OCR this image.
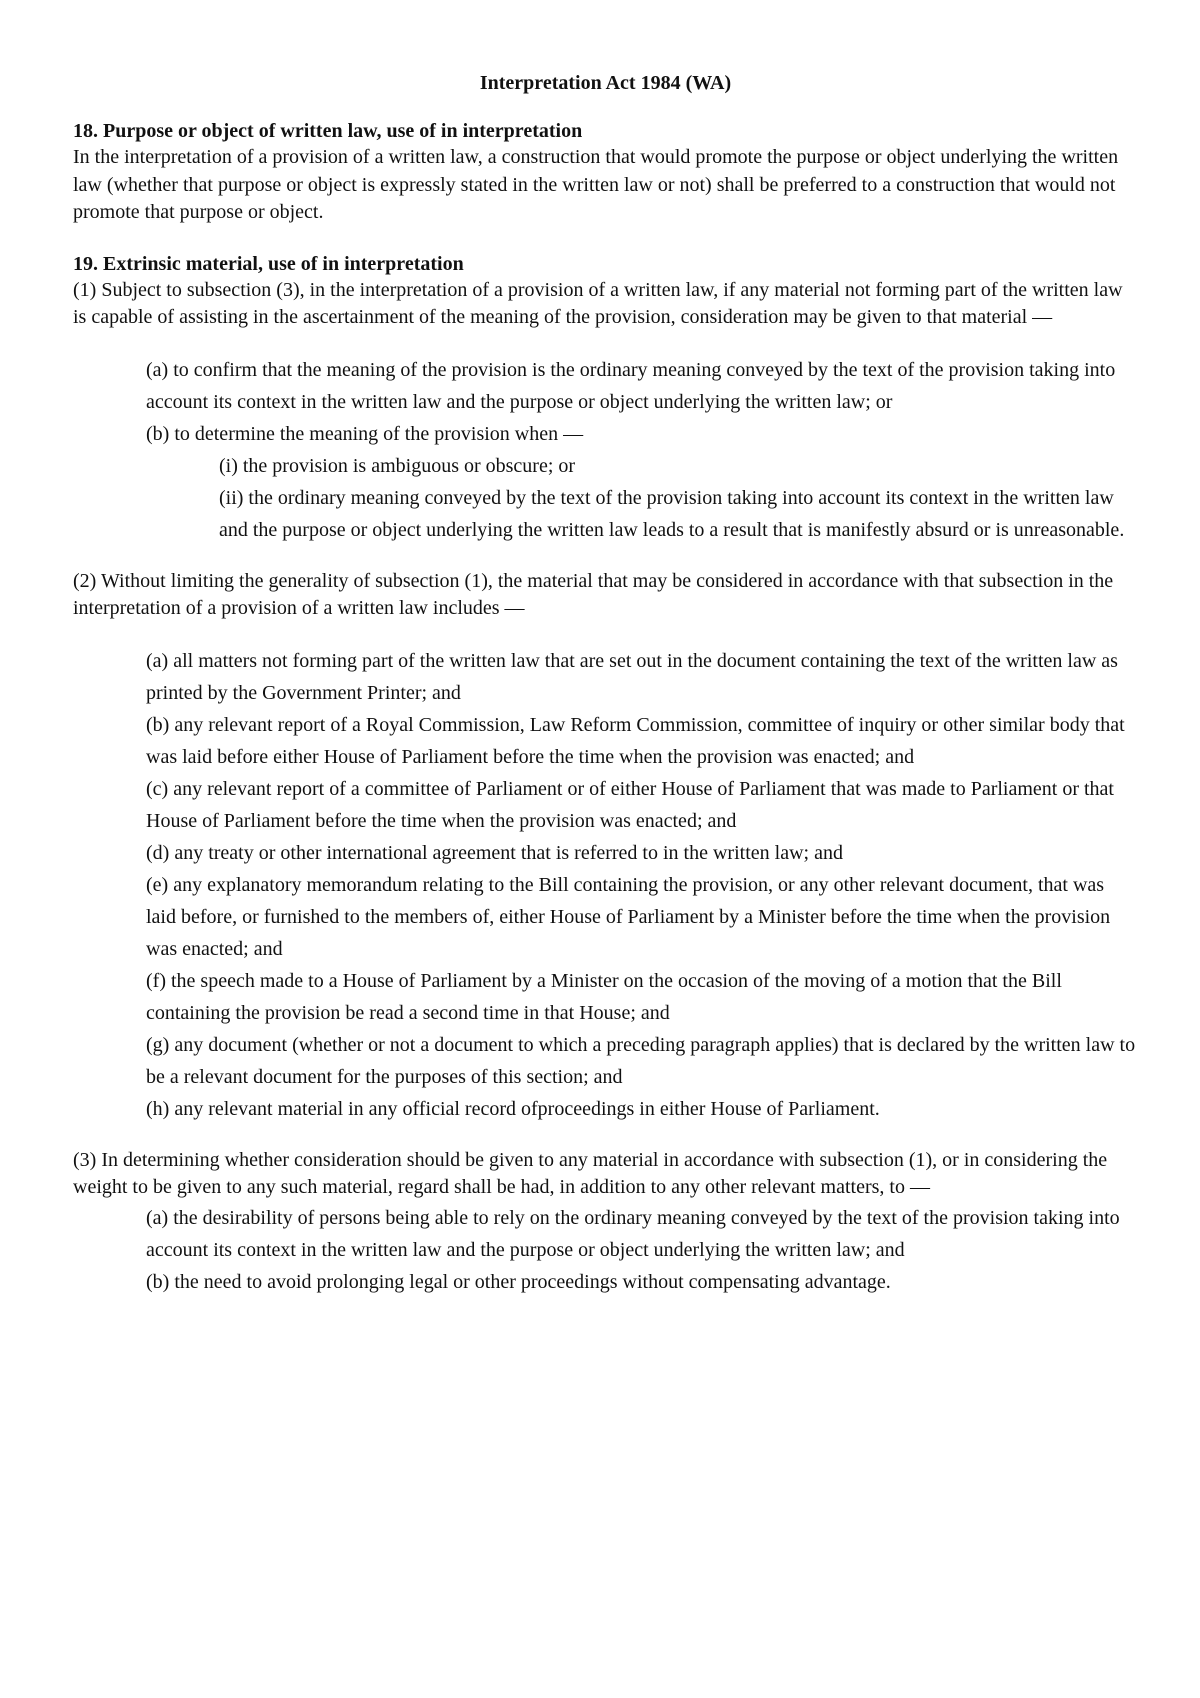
Interpretation Act 1984 (WA)
18. Purpose or object of written law, use of in interpretation

In the interpretation of a provision of a written law, a construction that would promote the purpose or object underlying the written law (whether that purpose or object is expressly stated in the written law or not) shall be preferred to a construction that would not promote that purpose or object.

19. Extrinsic material, use of in interpretation

(1) Subject to subsection (3), in the interpretation of a provision of a written law, if any material not forming part of the written law is capable of assisting in the ascertainment of the meaning of the provision, consideration may be given to that material —

(a) to confirm that the meaning of the provision is the ordinary meaning conveyed by the text of the provision taking into account its context in the written law and the purpose or object underlying the written law; or
(b) to determine the meaning of the provision when —
(i) the provision is ambiguous or obscure; or
(ii) the ordinary meaning conveyed by the text of the provision taking into account its context in the written law and the purpose or object underlying the written law leads to a result that is manifestly absurd or is unreasonable.

(2) Without limiting the generality of subsection (1), the material that may be considered in accordance with that subsection in the interpretation of a provision of a written law includes —

(a) all matters not forming part of the written law that are set out in the document containing the text of the written law as printed by the Government Printer; and
(b) any relevant report of a Royal Commission, Law Reform Commission, committee of inquiry or other similar body that was laid before either House of Parliament before the time when the provision was enacted; and
(c) any relevant report of a committee of Parliament or of either House of Parliament that was made to Parliament or that House of Parliament before the time when the provision was enacted; and
(d) any treaty or other international agreement that is referred to in the written law; and
(e) any explanatory memorandum relating to the Bill containing the provision, or any other relevant document, that was laid before, or furnished to the members of, either House of Parliament by a Minister before the time when the provision was enacted; and
(f) the speech made to a House of Parliament by a Minister on the occasion of the moving of a motion that the Bill containing the provision be read a second time in that House; and
(g) any document (whether or not a document to which a preceding paragraph applies) that is declared by the written law to be a relevant document for the purposes of this section; and
(h) any relevant material in any official record ofproceedings in either House of Parliament.

(3) In determining whether consideration should be given to any material in accordance with subsection (1), or in considering the weight to be given to any such material, regard shall be had, in addition to any other relevant matters, to —

(a) the desirability of persons being able to rely on the ordinary meaning conveyed by the text of the provision taking into account its context in the written law and the purpose or object underlying the written law; and
(b) the need to avoid prolonging legal or other proceedings without compensating advantage.
